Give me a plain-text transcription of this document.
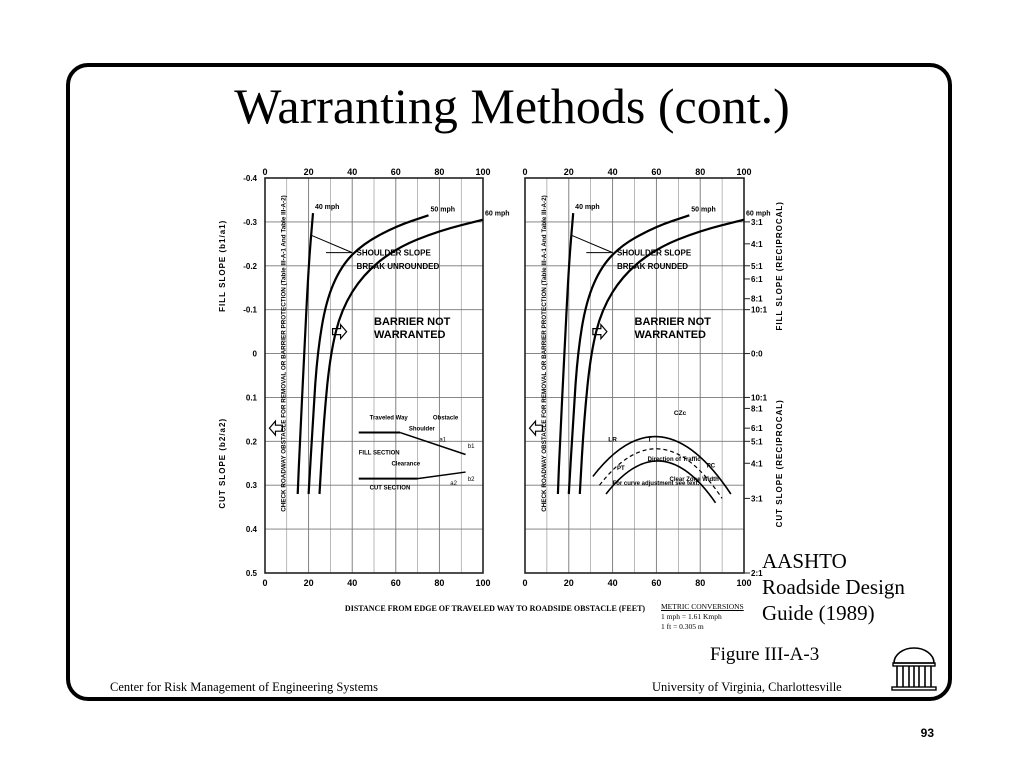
Warranting Methods (cont.)
0
0
20
20
40
40
60
60
80
80
100
100
-0.4
-0.3
-0.2
-0.1
0
0.1
0.2
0.3
0.4
0.5
FILL SLOPE (b1/a1)
CUT SLOPE (b2/a2)	CHECK ROADWAY OBSTACLE FOR REMOVAL OR BARRIER PROTECTION (Table III-A-1 And Table III-A-2)	40 mph	50 mph
60 mph
SHOULDER SLOPE
BREAK UNROUNDED
BARRIER NOT
WARRANTED
Traveled Way	Obstacle
Shoulder
FILL SECTION
Clearance
CUT SECTION
a1
b1
a2
b2
0
0
20
20
40
40
60
60
80
80
100
100
3:1
4:1
5:1
6:1
8:1
10:1
0:0
10:1
8:1
6:1
5:1
4:1
3:1
2:1
FILL SLOPE (RECIPROCAL)
CUT SLOPE (RECIPROCAL)
CHECK ROADWAY OBSTACLE FOR REMOVAL OR BARRIER PROTECTION (Table III-A-1 And Table III-A-2)	40 mph	50 mph
60 mph
SHOULDER SLOPE
BREAK ROUNDED
BARRIER NOT
WARRANTED
CZc
T
LR
Direction of Traffic
PT	PC
For curve adjustment see text.
Clear Zone Width
DISTANCE FROM EDGE OF TRAVELED WAY TO ROADSIDE OBSTACLE (FEET)	METRIC CONVERSIONS
1 mph = 1.61 Kmph
1 ft = 0.305 m
AASHTO
Roadside Design
Guide (1989)
Figure III-A-3
Center for Risk Management of Engineering Systems	University of Virginia, Charlottesville
93
